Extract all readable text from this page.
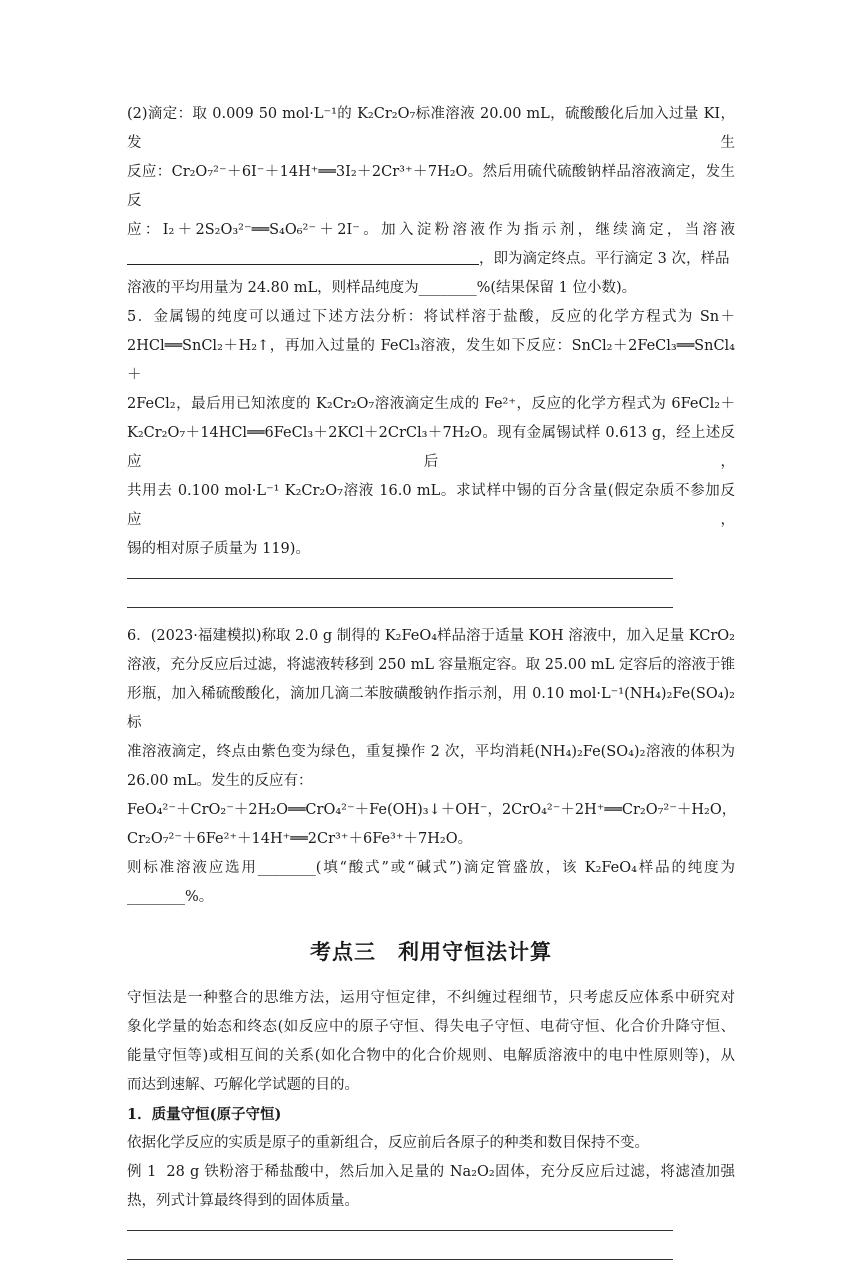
(2)滴定：取 0.009 50 mol·L⁻¹的 K₂Cr₂O₇标准溶液 20.00 mL，硫酸酸化后加入过量 KI，发生
反应：Cr₂O₇²⁻＋6I⁻＋14H⁺══3I₂＋2Cr³⁺＋7H₂O。然后用硫代硫酸钠样品溶液滴定，发生反
应：I₂＋2S₂O₃²⁻══S₄O₆²⁻＋2I⁻。加入淀粉溶液作为指示剂，继续滴定，当溶液
，即为滴定终点。平行滴定 3 次，样品
溶液的平均用量为 24.80 mL，则样品纯度为________%(结果保留 1 位小数)。
5．金属锡的纯度可以通过下述方法分析：将试样溶于盐酸，反应的化学方程式为 Sn＋
2HCl══SnCl₂＋H₂↑，再加入过量的 FeCl₃溶液，发生如下反应：SnCl₂＋2FeCl₃══SnCl₄＋
2FeCl₂，最后用已知浓度的 K₂Cr₂O₇溶液滴定生成的 Fe²⁺，反应的化学方程式为 6FeCl₂＋
K₂Cr₂O₇＋14HCl══6FeCl₃＋2KCl＋2CrCl₃＋7H₂O。现有金属锡试样 0.613 g，经上述反应后，
共用去 0.100 mol·L⁻¹ K₂Cr₂O₇溶液 16.0 mL。求试样中锡的百分含量(假定杂质不参加反应，
锡的相对原子质量为 119)。
6．(2023·福建模拟)称取 2.0 g 制得的 K₂FeO₄样品溶于适量 KOH 溶液中，加入足量 KCrO₂
溶液，充分反应后过滤，将滤液转移到 250 mL 容量瓶定容。取 25.00 mL 定容后的溶液于锥
形瓶，加入稀硫酸酸化，滴加几滴二苯胺磺酸钠作指示剂，用 0.10 mol·L⁻¹(NH₄)₂Fe(SO₄)₂标
准溶液滴定，终点由紫色变为绿色，重复操作 2 次，平均消耗(NH₄)₂Fe(SO₄)₂溶液的体积为
26.00 mL。发生的反应有：
FeO₄²⁻＋CrO₂⁻＋2H₂O══CrO₄²⁻＋Fe(OH)₃↓＋OH⁻，2CrO₄²⁻＋2H⁺══Cr₂O₇²⁻＋H₂O，
Cr₂O₇²⁻＋6Fe²⁺＋14H⁺══2Cr³⁺＋6Fe³⁺＋7H₂O。
则标准溶液应选用________(填“酸式”或“碱式”)滴定管盛放，该 K₂FeO₄样品的纯度为
________%。
考点三 利用守恒法计算
守恒法是一种整合的思维方法，运用守恒定律，不纠缠过程细节，只考虑反应体系中研究对
象化学量的始态和终态(如反应中的原子守恒、得失电子守恒、电荷守恒、化合价升降守恒、
能量守恒等)或相互间的关系(如化合物中的化合价规则、电解质溶液中的电中性原则等)，从
而达到速解、巧解化学试题的目的。
1．质量守恒(原子守恒)
依据化学反应的实质是原子的重新组合，反应前后各原子的种类和数目保持不变。
例 1 28 g 铁粉溶于稀盐酸中，然后加入足量的 Na₂O₂固体，充分反应后过滤，将滤渣加强
热，列式计算最终得到的固体质量。
